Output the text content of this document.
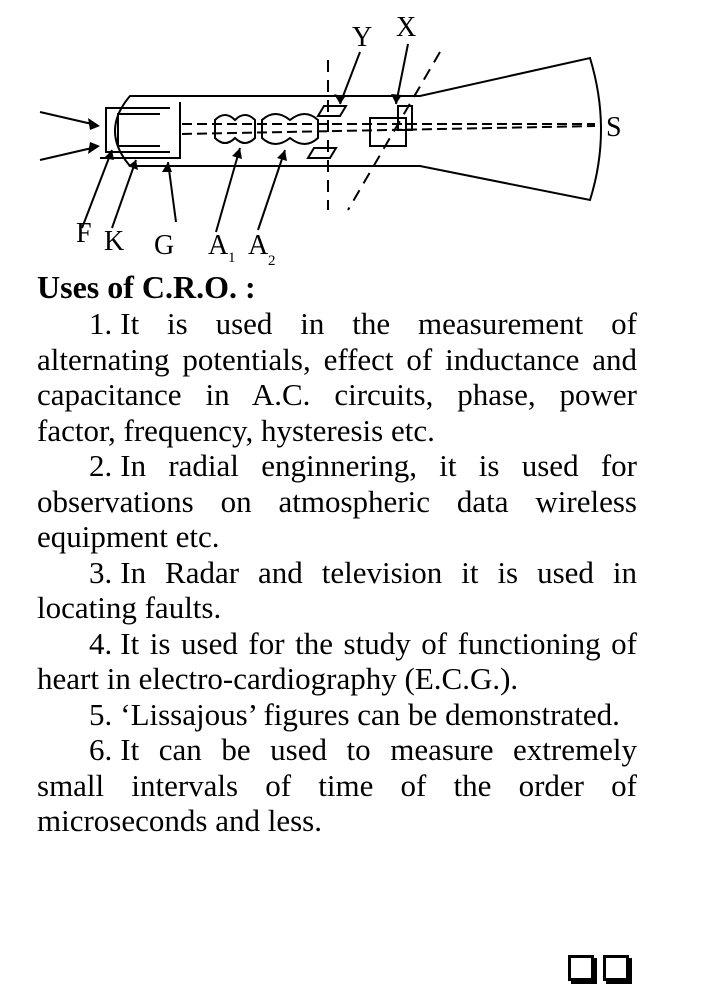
Y X
S
F K G A 1 A 2
Uses of C.R.O. :

1. It is used in the measurement of alternating potentials, effect of inductance and capacitance in A.C. circuits, phase, power factor, frequency, hysteresis etc.

2. In radial enginnering, it is used for observations on atmospheric data wireless equipment etc.

3. In Radar and television it is used in locating faults.

4. It is used for the study of functioning of heart in electro-cardiography (E.C.G.).

5. ‘Lissajous’ figures can be demonstrated.

6. It can be used to measure extremely small intervals of time of the order of microseconds and less.
